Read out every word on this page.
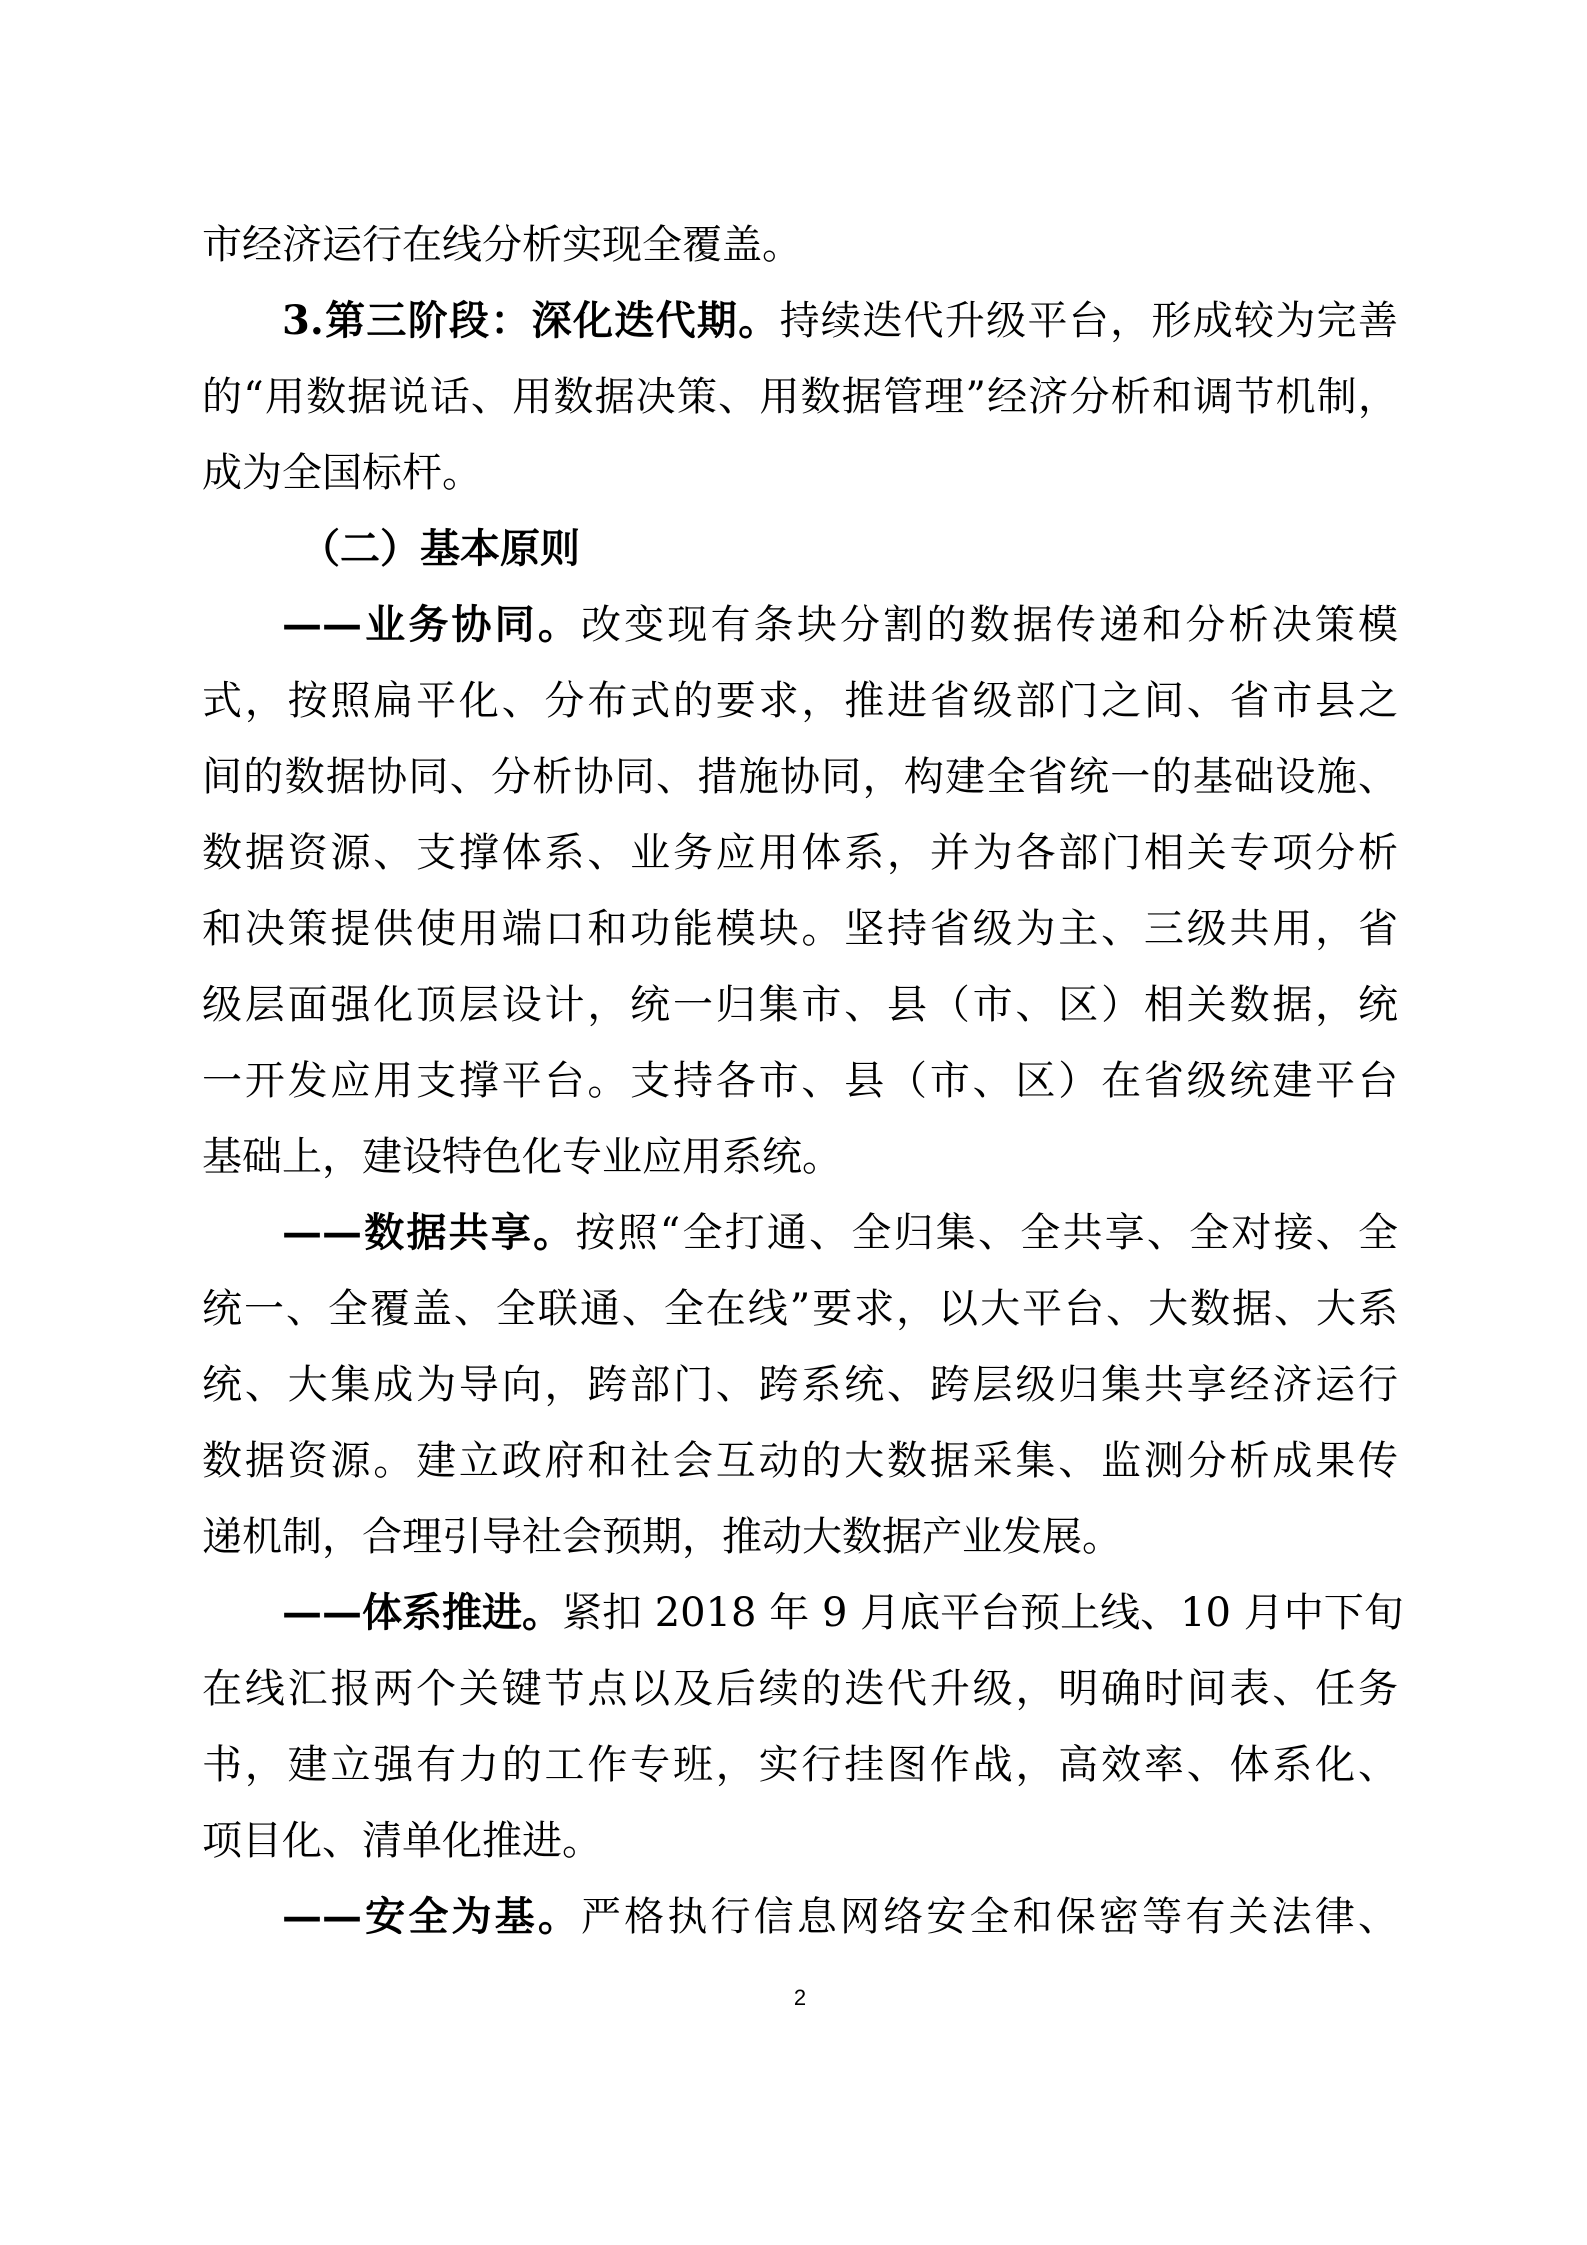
市经济运行在线分析实现全覆盖。
3.第三阶段：深化迭代期。持续迭代升级平台，形成较为完善
的“用数据说话、用数据决策、用数据管理”经济分析和调节机制，
成为全国标杆。
（二）基本原则
——业务协同。改变现有条块分割的数据传递和分析决策模
式，按照扁平化、分布式的要求，推进省级部门之间、省市县之
间的数据协同、分析协同、措施协同，构建全省统一的基础设施、
数据资源、支撑体系、业务应用体系，并为各部门相关专项分析
和决策提供使用端口和功能模块。坚持省级为主、三级共用，省
级层面强化顶层设计，统一归集市、县（市、区）相关数据，统
一开发应用支撑平台。支持各市、县（市、区）在省级统建平台
基础上，建设特色化专业应用系统。
——数据共享。按照“全打通、全归集、全共享、全对接、全
统一、全覆盖、全联通、全在线”要求，以大平台、大数据、大系
统、大集成为导向，跨部门、跨系统、跨层级归集共享经济运行
数据资源。建立政府和社会互动的大数据采集、监测分析成果传
递机制，合理引导社会预期，推动大数据产业发展。
——体系推进。紧扣 2018 年 9 月底平台预上线、10 月中下旬
在线汇报两个关键节点以及后续的迭代升级，明确时间表、任务
书，建立强有力的工作专班，实行挂图作战，高效率、体系化、
项目化、清单化推进。
——安全为基。严格执行信息网络安全和保密等有关法律、
2
